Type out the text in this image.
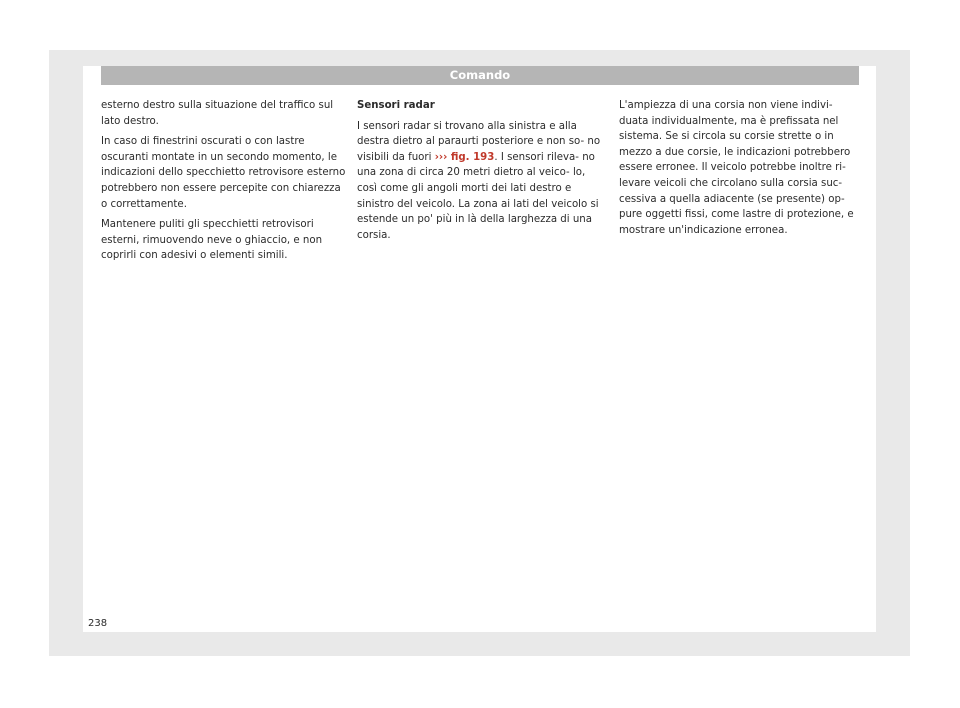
Comando

esterno destro sulla situazione del traffico sul lato destro.

In caso di finestrini oscurati o con lastre oscuranti montate in un secondo momento, le indicazioni dello specchietto retrovisore esterno potrebbero non essere percepite con chiarezza o correttamente.

Mantenere puliti gli specchietti retrovisori esterni, rimuovendo neve o ghiaccio, e non coprirli con adesivi o elementi simili.

Sensori radar

I sensori radar si trovano alla sinistra e alla destra dietro al paraurti posteriore e non so- no visibili da fuori ››› fig. 193. I sensori rileva- no una zona di circa 20 metri dietro al veico- lo, così come gli angoli morti dei lati destro e sinistro del veicolo. La zona ai lati del veicolo si estende un po' più in là della larghezza di una corsia.

L'ampiezza di una corsia non viene indivi- duata individualmente, ma è prefissata nel sistema. Se si circola su corsie strette o in mezzo a due corsie, le indicazioni potrebbero essere erronee. Il veicolo potrebbe inoltre ri- levare veicoli che circolano sulla corsia suc- cessiva a quella adiacente (se presente) op- pure oggetti fissi, come lastre di protezione, e mostrare un'indicazione erronea.

238
